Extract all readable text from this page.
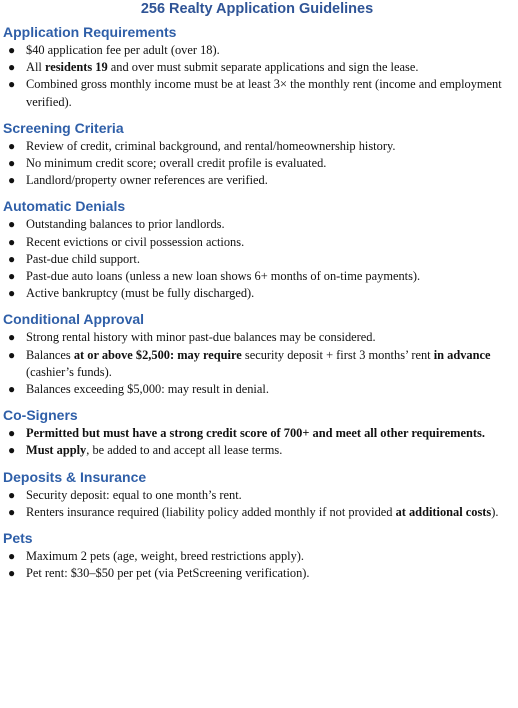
256 Realty Application Guidelines
Application Requirements
● $40 application fee per adult (over 18).
● All residents 19 and over must submit separate applications and sign the lease.
● Combined gross monthly income must be at least 3× the monthly rent (income and employment verified).
Screening Criteria
● Review of credit, criminal background, and rental/homeownership history.
● No minimum credit score; overall credit profile is evaluated.
● Landlord/property owner references are verified.
Automatic Denials
● Outstanding balances to prior landlords.
● Recent evictions or civil possession actions.
● Past-due child support.
● Past-due auto loans (unless a new loan shows 6+ months of on-time payments).
● Active bankruptcy (must be fully discharged).
Conditional Approval
● Strong rental history with minor past-due balances may be considered.
● Balances at or above $2,500: may require security deposit + first 3 months’ rent in advance (cashier’s funds).
● Balances exceeding $5,000: may result in denial.
Co-Signers
● Permitted but must have a strong credit score of 700+ and meet all other requirements.
● Must apply, be added to and accept all lease terms.
Deposits & Insurance
● Security deposit: equal to one month’s rent.
● Renters insurance required (liability policy added monthly if not provided at additional costs).
Pets
● Maximum 2 pets (age, weight, breed restrictions apply).
● Pet rent: $30–$50 per pet (via PetScreening verification).
